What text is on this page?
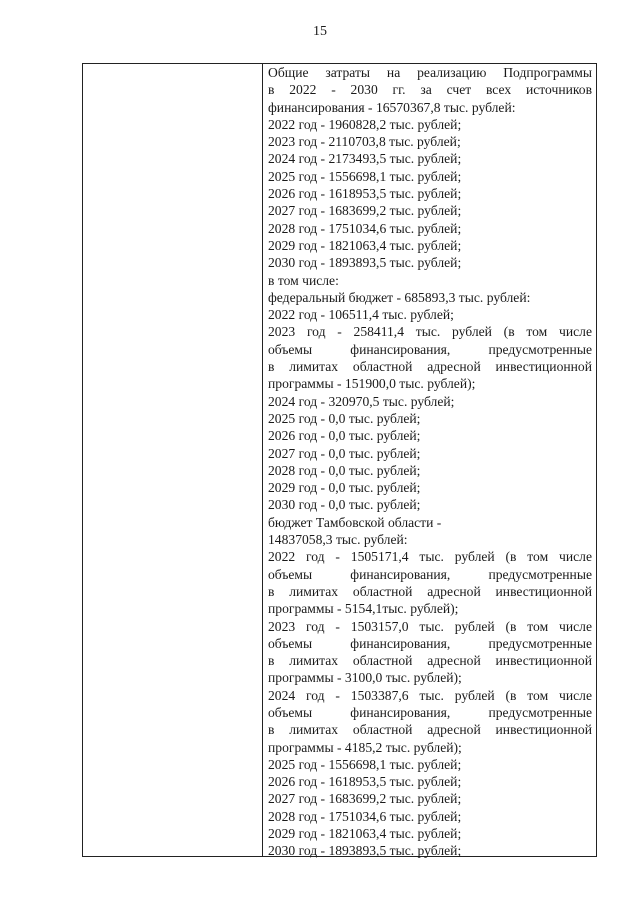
15
Общие затраты на реализацию Подпрограммы
в 2022 - 2030 гг. за счет всех источников
финансирования - 16570367,8 тыс. рублей:
2022 год - 1960828,2 тыс. рублей;
2023 год - 2110703,8 тыс. рублей;
2024 год - 2173493,5 тыс. рублей;
2025 год - 1556698,1 тыс. рублей;
2026 год - 1618953,5 тыс. рублей;
2027 год - 1683699,2 тыс. рублей;
2028 год - 1751034,6 тыс. рублей;
2029 год - 1821063,4 тыс. рублей;
2030 год - 1893893,5 тыс. рублей;
в том числе:
федеральный бюджет - 685893,3 тыс. рублей:
2022 год - 106511,4 тыс. рублей;
2023 год - 258411,4 тыс. рублей (в том числе
объемы финансирования, предусмотренные
в лимитах областной адресной инвестиционной
программы - 151900,0 тыс. рублей);
2024 год - 320970,5 тыс. рублей;
2025 год - 0,0 тыс. рублей;
2026 год - 0,0 тыс. рублей;
2027 год - 0,0 тыс. рублей;
2028 год - 0,0 тыс. рублей;
2029 год - 0,0 тыс. рублей;
2030 год - 0,0 тыс. рублей;
бюджет Тамбовской области -
14837058,3 тыс. рублей:
2022 год - 1505171,4 тыс. рублей (в том числе
объемы финансирования, предусмотренные
в лимитах областной адресной инвестиционной
программы - 5154,1тыс. рублей);
2023 год - 1503157,0 тыс. рублей (в том числе
объемы финансирования, предусмотренные
в лимитах областной адресной инвестиционной
программы - 3100,0 тыс. рублей);
2024 год - 1503387,6 тыс. рублей (в том числе
объемы финансирования, предусмотренные
в лимитах областной адресной инвестиционной
программы - 4185,2 тыс. рублей);
2025 год - 1556698,1 тыс. рублей;
2026 год - 1618953,5 тыс. рублей;
2027 год - 1683699,2 тыс. рублей;
2028 год - 1751034,6 тыс. рублей;
2029 год - 1821063,4 тыс. рублей;
2030 год - 1893893,5 тыс. рублей;
